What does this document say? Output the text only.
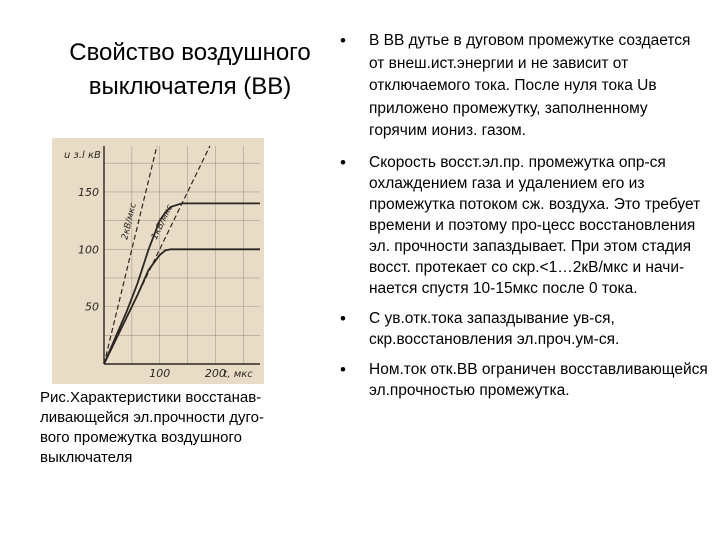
Свойство воздушного
выключателя (ВВ)
2кВ/мкс 1кВ/мкс
50
100
150
100	200
u з.l кВ
t, мкс
Рис.Характеристики восстанав-ливающейся эл.прочности дуго-вого промежутка воздушного выключателя
• В ВВ дутье в дуговом промежутке создается от внеш.ист.энергии и не зависит от отключаемого тока. После нуля тока Uв приложено промежутку, заполненному горячим иониз. газом.
• Скорость восст.эл.пр. промежутка опр-ся охлаждением газа и удалением его из промежутка потоком сж. воздуха. Это требует времени и поэтому про-цесс восстановления эл. прочности запаздывает. При этом стадия восст. протекает со скр.<1…2кВ/мкс и начи-нается спустя 10-15мкс после 0 тока.
• С ув.отк.тока запаздывание ув-ся, скр.восстановления эл.проч.ум-ся.
• Ном.ток отк.ВВ ограничен восставливающейся эл.прочностью промежутка.
